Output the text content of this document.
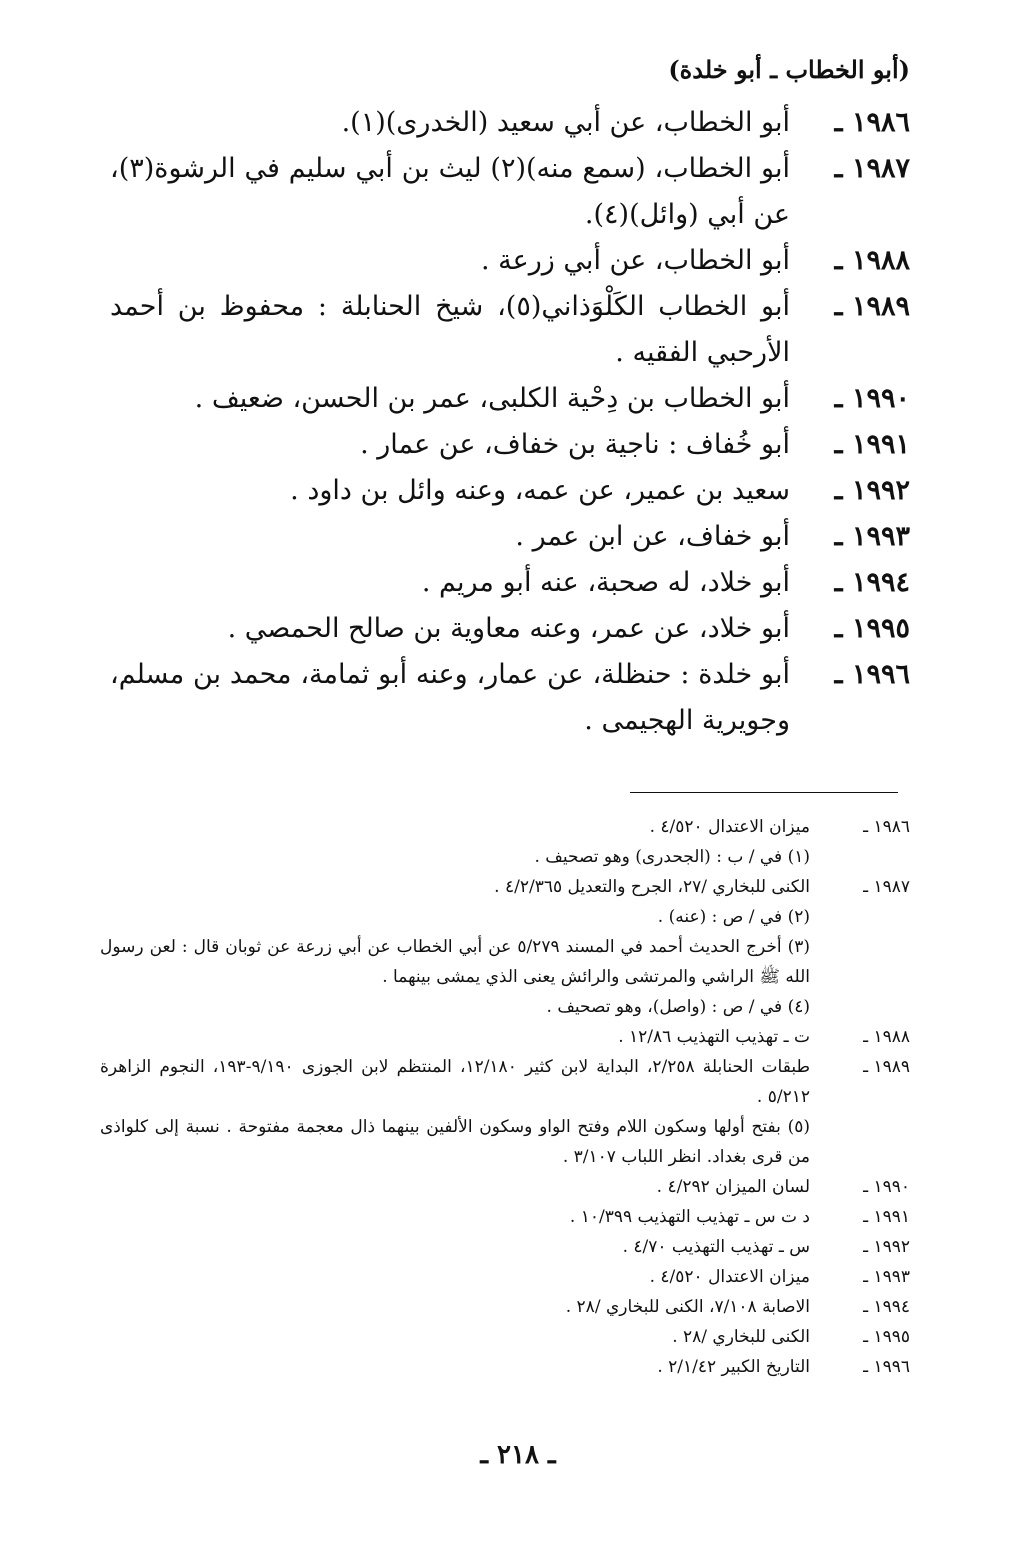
(أبو الخطاب ـ أبو خلدة)
١٩٨٦ ـ
أبو الخطاب، عن أبي سعيد (الخدرى)(١).
١٩٨٧ ـ
أبو الخطاب، (سمع منه)(٢) ليث بن أبي سليم في الرشوة(٣)، عن أبي (وائل)(٤).
١٩٨٨ ـ
أبو الخطاب، عن أبي زرعة .
١٩٨٩ ـ
أبو الخطاب الكَلْوَذاني(٥)، شيخ الحنابلة : محفوظ بن أحمد الأرحبي الفقيه .
١٩٩٠ ـ
أبو الخطاب بن دِحْية الكلبى، عمر بن الحسن، ضعيف .
١٩٩١ ـ
أبو خُفاف : ناجية بن خفاف، عن عمار .
١٩٩٢ ـ
سعيد بن عمير، عن عمه، وعنه وائل بن داود .
١٩٩٣ ـ
أبو خفاف، عن ابن عمر .
١٩٩٤ ـ
أبو خلاد، له صحبة، عنه أبو مريم .
١٩٩٥ ـ
أبو خلاد، عن عمر، وعنه معاوية بن صالح الحمصي .
١٩٩٦ ـ
أبو خلدة : حنظلة، عن عمار، وعنه أبو ثمامة، محمد بن مسلم، وجويرية الهجيمى .
١٩٨٦ ـ
ميزان الاعتدال ٤/٥٢٠ .
(١) في / ب : (الجحدرى) وهو تصحيف .
١٩٨٧ ـ
الكنى للبخاري /٢٧، الجرح والتعديل ٤/٢/٣٦٥ .
(٢) في / ص : (عنه) .
(٣) أخرج الحديث أحمد في المسند ٥/٢٧٩ عن أبي الخطاب عن أبي زرعة عن ثوبان قال : لعن رسول الله ﷺ الراشي والمرتشى والرائش يعنى الذي يمشى بينهما .
(٤) في / ص : (واصل)، وهو تصحيف .
١٩٨٨ ـ
ت ـ تهذيب التهذيب ١٢/٨٦ .
١٩٨٩ ـ
طبقات الحنابلة ٢/٢٥٨، البداية لابن كثير ١٢/١٨٠، المنتظم لابن الجوزى ٩/١٩٠-١٩٣، النجوم الزاهرة ٥/٢١٢ .
(٥) بفتح أولها وسكون اللام وفتح الواو وسكون الألفين بينهما ذال معجمة مفتوحة . نسبة إلى كلواذى من قرى بغداد. انظر اللباب ٣/١٠٧ .
١٩٩٠ ـ
لسان الميزان ٤/٢٩٢ .
١٩٩١ ـ
د ت س ـ تهذيب التهذيب ١٠/٣٩٩ .
١٩٩٢ ـ
س ـ تهذيب التهذيب ٤/٧٠ .
١٩٩٣ ـ
ميزان الاعتدال ٤/٥٢٠ .
١٩٩٤ ـ
الاصابة ٧/١٠٨، الكنى للبخاري /٢٨ .
١٩٩٥ ـ
الكنى للبخاري /٢٨ .
١٩٩٦ ـ
التاريخ الكبير ٢/١/٤٢ .
ـ ٢١٨ ـ
